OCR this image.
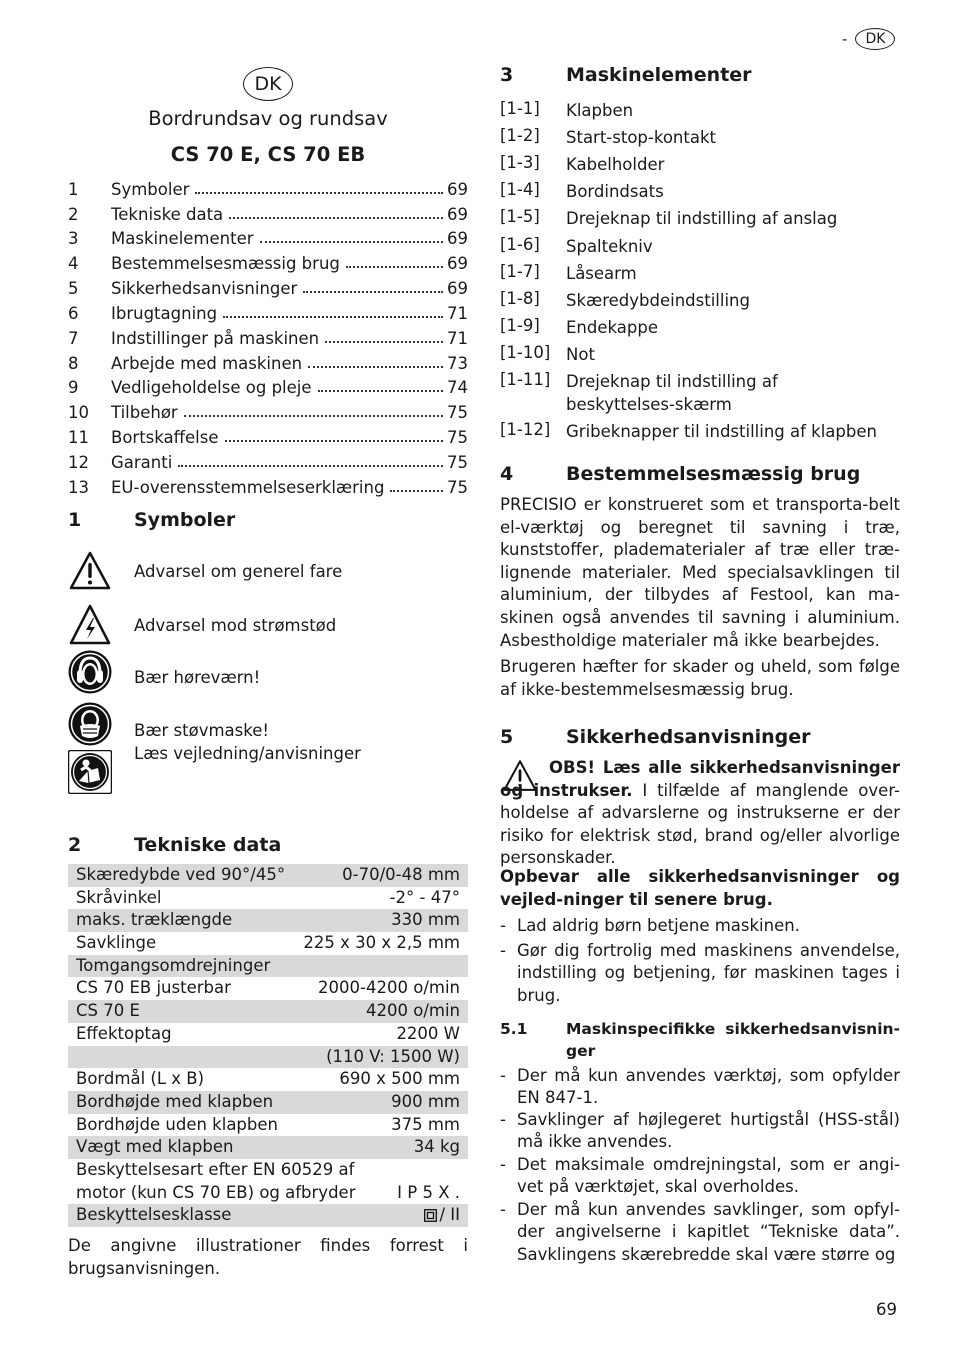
-	DK
DK
Bordrundsav og rundsav
CS 70 E, CS 70 EB
1	Symboler	69
2	Tekniske data	69
3	Maskinelementer	69
4	Bestemmelsesmæssig brug	69
5	Sikkerhedsanvisninger	69
6	Ibrugtagning	71
7	Indstillinger på maskinen	71
8	Arbejde med maskinen	73
9	Vedligeholdelse og pleje	74
10	Tilbehør	75
11	Bortskaffelse	75
12	Garanti	75
13	EU-overensstemmelseserklæring	75
1	Symboler
Advarsel om generel fare
Advarsel mod strømstød
Bær høreværn!
Bær støvmaske!
Læs vejledning/anvisninger
2	Tekniske data
Skæredybde ved 90°/45°	0-70/0-48 mm
Skråvinkel	-2° - 47°
maks. træklængde	330 mm
Savklinge	225 x 30 x 2,5 mm
Tomgangsomdrejninger
CS 70 EB justerbar	2000-4200 o/min
CS 70 E	4200 o/min
Effektoptag	2200 W
(110 V: 1500 W)
Bordmål (L x B)	690 x 500 mm
Bordhøjde med klapben	900 mm
Bordhøjde uden klapben	375 mm
Vægt med klapben	34 kg
Beskyttelsesart efter EN 60529 af
motor (kun CS 70 EB) og afbryder	I P 5 X .
Beskyttelsesklasse	/ II
De angivne illustrationer findes forrest i brugsanvisningen.
3	Maskinelementer
[1-1] Klapben
[1-2] Start-stop-kontakt
[1-3] Kabelholder
[1-4] Bordindsats
[1-5] Drejeknap til indstilling af anslag
[1-6] Spaltekniv
[1-7] Låsearm
[1-8] Skæredybdeindstilling
[1-9] Endekappe
[1-10] Not
[1-11] Drejeknap til indstilling af beskyttelses-skærm
[1-12] Gribeknapper til indstilling af klapben
4	Bestemmelsesmæssig brug
PRECISIO er konstrueret som et transporta-belt el-værktøj og beregnet til savning i træ, kunststoffer, pladematerialer af træ eller træ-lignende materialer. Med specialsavklingen til aluminium, der tilbydes af Festool, kan ma-skinen også anvendes til savning i aluminium. Asbestholdige materialer må ikke bearbejdes.
Brugeren hæfter for skader og uheld, som følge af ikke-bestemmelsesmæssig brug.
5	Sikkerhedsanvisninger
OBS! Læs alle sikkerhedsanvisninger og instrukser. I tilfælde af manglende over-holdelse af advarslerne og instrukserne er der risiko for elektrisk stød, brand og/eller alvorlige personskader.
Opbevar alle sikkerhedsanvisninger og vejled-ninger til senere brug.
- Lad aldrig børn betjene maskinen.
- Gør dig fortrolig med maskinens anvendelse, indstilling og betjening, før maskinen tages i brug.
5.1 Maskinspecifikke sikkerhedsanvisnin-ger
- Der må kun anvendes værktøj, som opfylder EN 847-1.
- Savklinger af højlegeret hurtigstål (HSS-stål) må ikke anvendes.
- Det maksimale omdrejningstal, som er angi-vet på værktøjet, skal overholdes.
- Der må kun anvendes savklinger, som opfyl-der angivelserne i kapitlet “Tekniske data”. Savklingens skærebredde skal være større og
69
